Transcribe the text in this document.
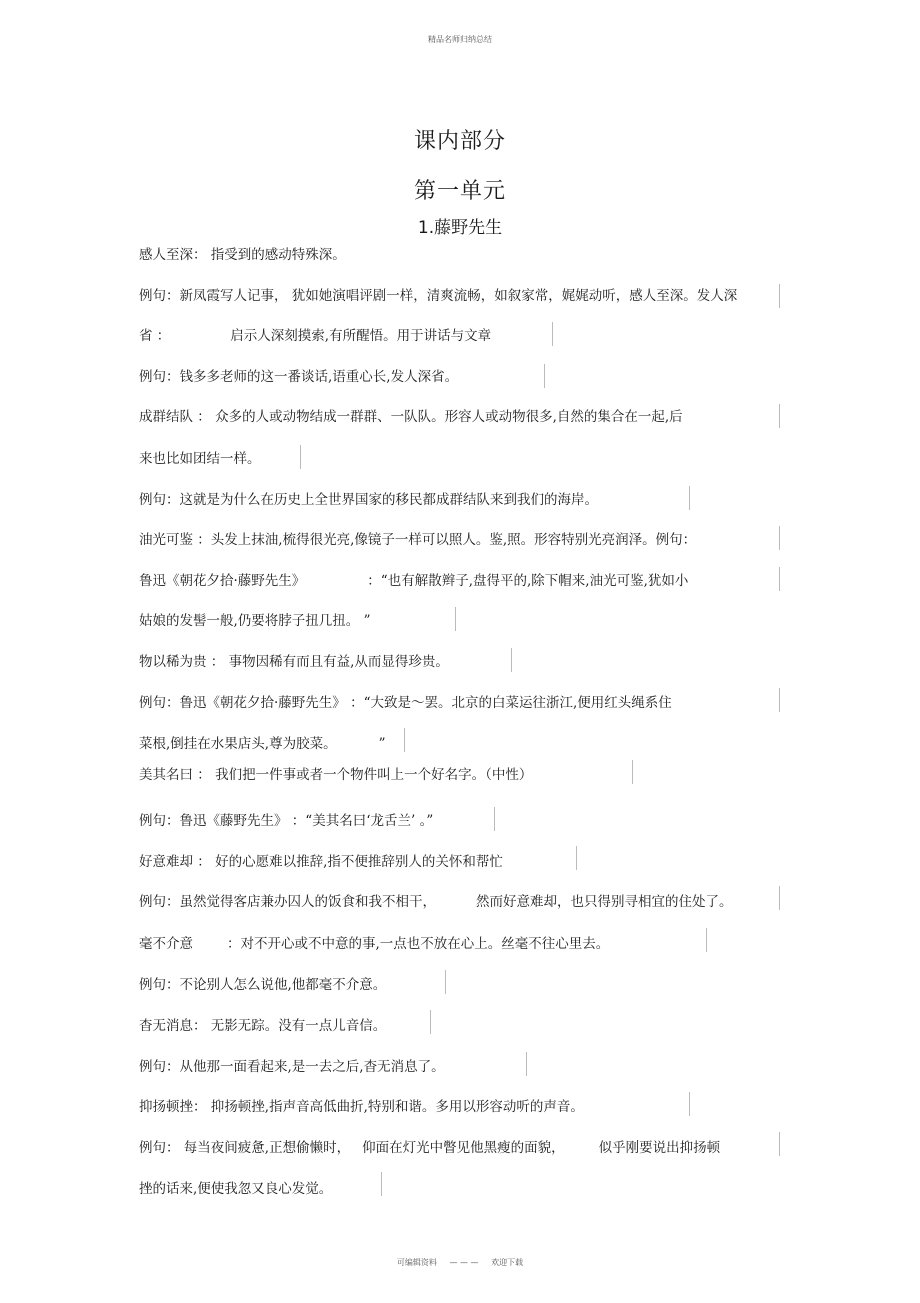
精品名师归纳总结
课内部分
第一单元
1.藤野先生
感人至深： 指受到的感动特殊深。
例句：新凤霞写人记事， 犹如她演唱评剧一样，清爽流畅，如叙家常，娓娓动听，感人至深。发人深
省 ：	启示人深刻摸索,有所醒悟。用于讲话与文章
例句：钱多多老师的这一番谈话,语重心长,发人深省。
成群结队 ： 众多的人或动物结成一群群、一队队。形容人或动物很多,自然的集合在一起,后
来也比如团结一样。
例句：这就是为什么在历史上全世界国家的移民都成群结队来到我们的海岸。
油光可鉴 ：头发上抹油,梳得很光亮,像镜子一样可以照人。鉴,照。形容特别光亮润泽。例句：
鲁迅《朝花夕拾·藤野先生》	：“也有解散辫子,盘得平的,除下帽来,油光可鉴,犹如小
姑娘的发髻一般,仍要将脖子扭几扭。 ”
物以稀为贵 ： 事物因稀有而且有益,从而显得珍贵。
例句：鲁迅《朝花夕拾·藤野先生》 ：“大致是～罢。北京的白菜运往浙江,便用红头绳系住
菜根,倒挂在水果店头,尊为胶菜。	”
美其名曰 ： 我们把一件事或者一个物件叫上一个好名字。（中性）
例句：鲁迅《藤野先生》 ：“美其名曰‘龙舌兰’ 。”
好意难却 ： 好的心愿难以推辞,指不便推辞别人的关怀和帮忙
例句：虽然觉得客店兼办囚人的饭食和我不相干，	然而好意难却，也只得别寻相宜的住处了。
毫不介意	：对不开心或不中意的事,一点也不放在心上。丝毫不往心里去。
例句：不论别人怎么说他,他都毫不介意。
杳无消息： 无影无踪。没有一点儿音信。
例句：从他那一面看起来,是一去之后,杳无消息了。
抑扬顿挫： 抑扬顿挫,指声音高低曲折,特别和谐。多用以形容动听的声音。
例句： 每当夜间疲惫,正想偷懒时， 仰面在灯光中瞥见他黑瘦的面貌，	似乎刚要说出抑扬顿
挫的话来,便使我忽又良心发觉。
可编辑资料 — — — 欢迎下载
